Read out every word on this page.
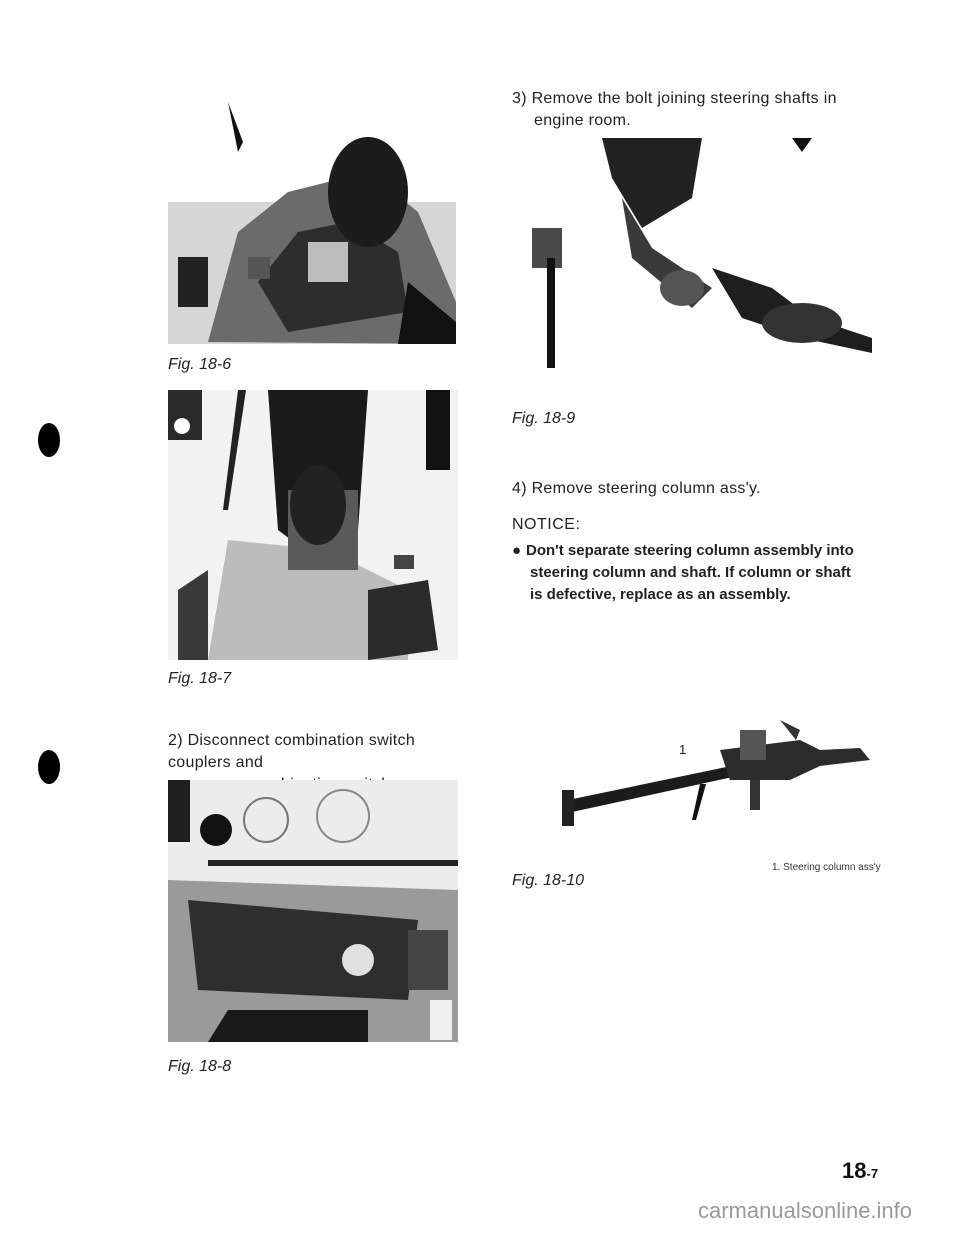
Fig. 18-6
Fig. 18-7
2) Disconnect combination switch couplers and
Fig. 18-8
3) Remove the bolt joining steering shafts in
engine room.
Fig. 18-9
4) Remove steering column ass'y.
NOTICE:
● Don't separate steering column assembly into
steering column and shaft. If column or shaft
is defective, replace as an assembly.
1
Fig. 18-10
1. Steering column ass'y
18-7
carmanualsonline.info
